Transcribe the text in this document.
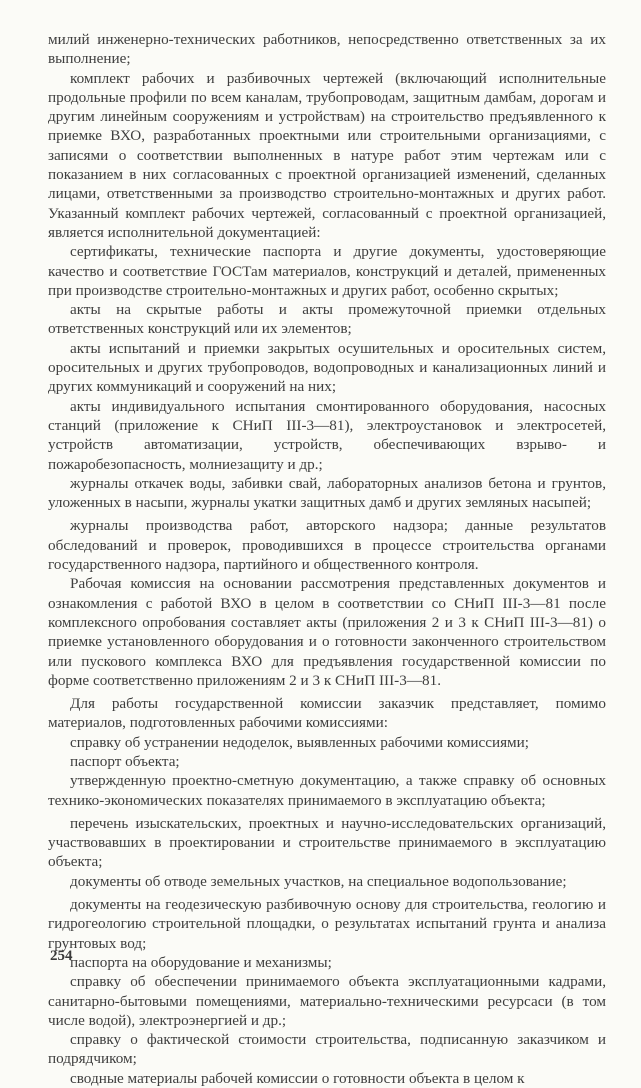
милий инженерно-технических работников, непосредственно ответственных за их выполнение;

комплект рабочих и разбивочных чертежей (включающий исполнительные продольные профили по всем каналам, трубопроводам, защитным дамбам, дорогам и другим линейным сооружениям и устройствам) на строительство предъявленного к приемке ВХО, разработанных проектными или строительными организациями, с записями о соответствии выполненных в натуре работ этим чертежам или с показанием в них согласованных с проектной организацией изменений, сделанных лицами, ответственными за производство строительно-монтажных и других работ. Указанный комплект рабочих чертежей, согласованный с проектной организацией, является исполнительной документацией:

сертификаты, технические паспорта и другие документы, удостоверяющие качество и соответствие ГОСТам материалов, конструкций и деталей, примененных при производстве строительно-монтажных и других работ, особенно скрытых;

акты на скрытые работы и акты промежуточной приемки отдельных ответственных конструкций или их элементов;

акты испытаний и приемки закрытых осушительных и оросительных систем, оросительных и других трубопроводов, водопроводных и канализационных линий и других коммуникаций и сооружений на них;

акты индивидуального испытания смонтированного оборудования, насосных станций (приложение к СНиП III-3—81), электроустановок и электросетей, устройств автоматизации, устройств, обеспечивающих взрыво- и пожаробезопасность, молниезащиту и др.;

журналы откачек воды, забивки свай, лабораторных анализов бетона и грунтов, уложенных в насыпи, журналы укатки защитных дамб и других земляных насыпей;

журналы производства работ, авторского надзора; данные результатов обследований и проверок, проводившихся в процессе строительства органами государственного надзора, партийного и общественного контроля.

Рабочая комиссия на основании рассмотрения представленных документов и ознакомления с работой ВХО в целом в соответствии со СНиП III-3—81 после комплексного опробования составляет акты (приложения 2 и 3 к СНиП III-3—81) о приемке установленного оборудования и о готовности законченного строительством или пускового комплекса ВХО для предъявления государственной комиссии по форме соответственно приложениям 2 и 3 к СНиП III-3—81.

Для работы государственной комиссии заказчик представляет, помимо материалов, подготовленных рабочими комиссиями:

справку об устранении недоделок, выявленных рабочими комиссиями;

паспорт объекта;

утвержденную проектно-сметную документацию, а также справку об основных технико-экономических показателях принимаемого в эксплуатацию объекта;

перечень изыскательских, проектных и научно-исследовательских организаций, участвовавших в проектировании и строительстве принимаемого в эксплуатацию объекта;

документы об отводе земельных участков, на специальное водопользование;

документы на геодезическую разбивочную основу для строительства, геологию и гидрогеологию строительной площадки, о результатах испытаний грунта и анализа грунтовых вод;

паспорта на оборудование и механизмы;

справку об обеспечении принимаемого объекта эксплуатационными кадрами, санитарно-бытовыми помещениями, материально-техническими ресурсаси (в том числе водой), электроэнергией и др.;

справку о фактической стоимости строительства, подписанную заказчиком и подрядчиком;

сводные материалы рабочей комиссии о готовности объекта в целом к

254
